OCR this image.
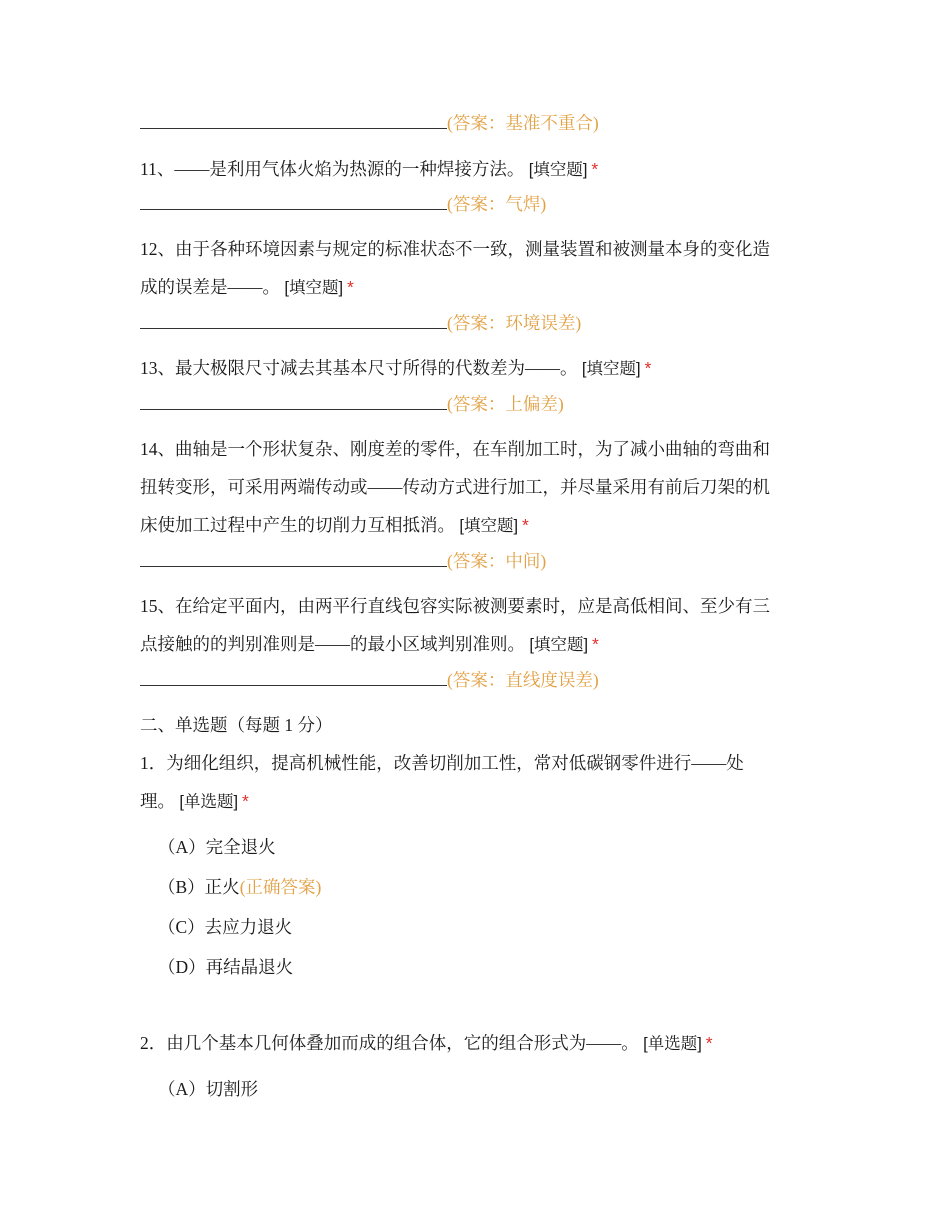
(答案：基准不重合)
11、——是利用气体火焰为热源的一种焊接方法。 [填空题] *
(答案：气焊)
12、由于各种环境因素与规定的标准状态不一致，测量装置和被测量本身的变化造
成的误差是——。 [填空题] *
(答案：环境误差)
13、最大极限尺寸减去其基本尺寸所得的代数差为——。 [填空题] *
(答案：上偏差)
14、曲轴是一个形状复杂、刚度差的零件，在车削加工时，为了减小曲轴的弯曲和
扭转变形，可采用两端传动或——传动方式进行加工，并尽量采用有前后刀架的机
床使加工过程中产生的切削力互相抵消。 [填空题] *
(答案：中间)
15、在给定平面内，由两平行直线包容实际被测要素时，应是高低相间、至少有三
点接触的的判别准则是——的最小区域判别准则。 [填空题] *
(答案：直线度误差)
二、单选题（每题 1 分）
1．为细化组织，提高机械性能，改善切削加工性，常对低碳钢零件进行——处
理。 [单选题] *
（A）完全退火
（B）正火(正确答案)
（C）去应力退火
（D）再结晶退火
2．由几个基本几何体叠加而成的组合体，它的组合形式为——。 [单选题] *
（A）切割形
